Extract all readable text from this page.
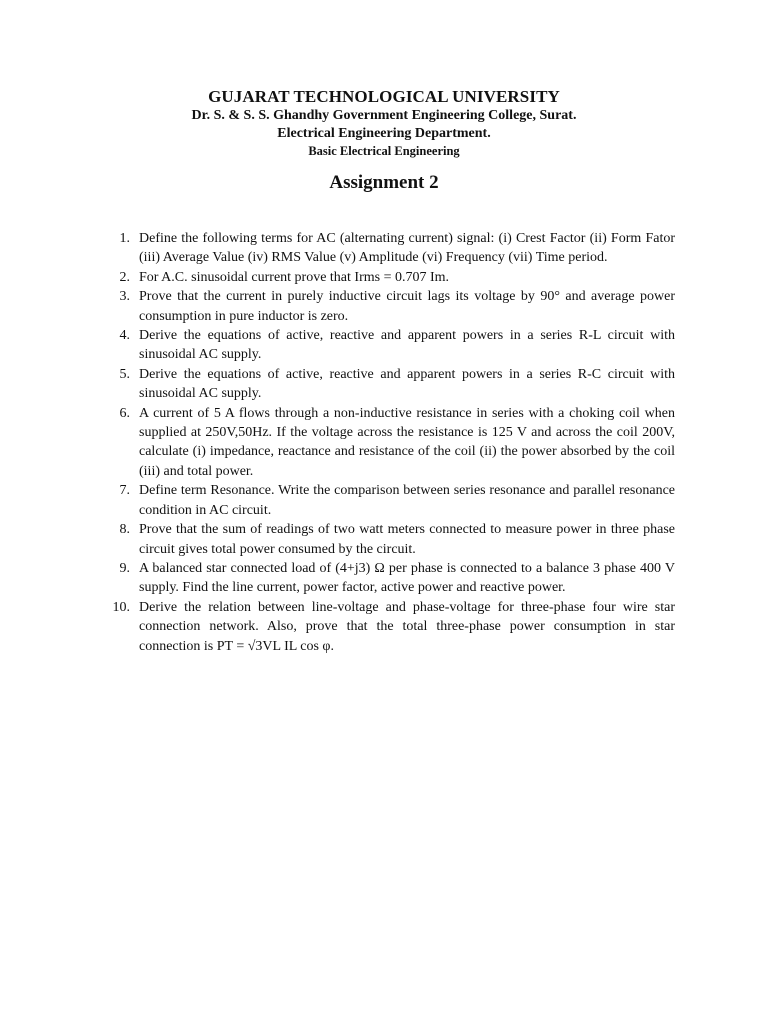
GUJARAT TECHNOLOGICAL UNIVERSITY

Dr. S. & S. S. Ghandhy Government Engineering College, Surat.

Electrical Engineering Department.

Basic Electrical Engineering

Assignment 2

1. Define the following terms for AC (alternating current) signal: (i) Crest Factor (ii) Form Fator (iii) Average Value (iv) RMS Value (v) Amplitude (vi) Frequency (vii) Time period.
2. For A.C. sinusoidal current prove that Irms = 0.707 Im.
3. Prove that the current in purely inductive circuit lags its voltage by 90° and average power consumption in pure inductor is zero.
4. Derive the equations of active, reactive and apparent powers in a series R-L circuit with sinusoidal AC supply.
5. Derive the equations of active, reactive and apparent powers in a series R-C circuit with sinusoidal AC supply.
6. A current of 5 A flows through a non-inductive resistance in series with a choking coil when supplied at 250V,50Hz. If the voltage across the resistance is 125 V and across the coil 200V, calculate (i) impedance, reactance and resistance of the coil (ii) the power absorbed by the coil (iii) and total power.
7. Define term Resonance. Write the comparison between series resonance and parallel resonance condition in AC circuit.
8. Prove that the sum of readings of two watt meters connected to measure power in three phase circuit gives total power consumed by the circuit.
9. A balanced star connected load of (4+j3) Ω per phase is connected to a balance 3 phase 400 V supply. Find the line current, power factor, active power and reactive power.
10. Derive the relation between line-voltage and phase-voltage for three-phase four wire star connection network. Also, prove that the total three-phase power consumption in star connection is PT = √3VL IL cos φ.
